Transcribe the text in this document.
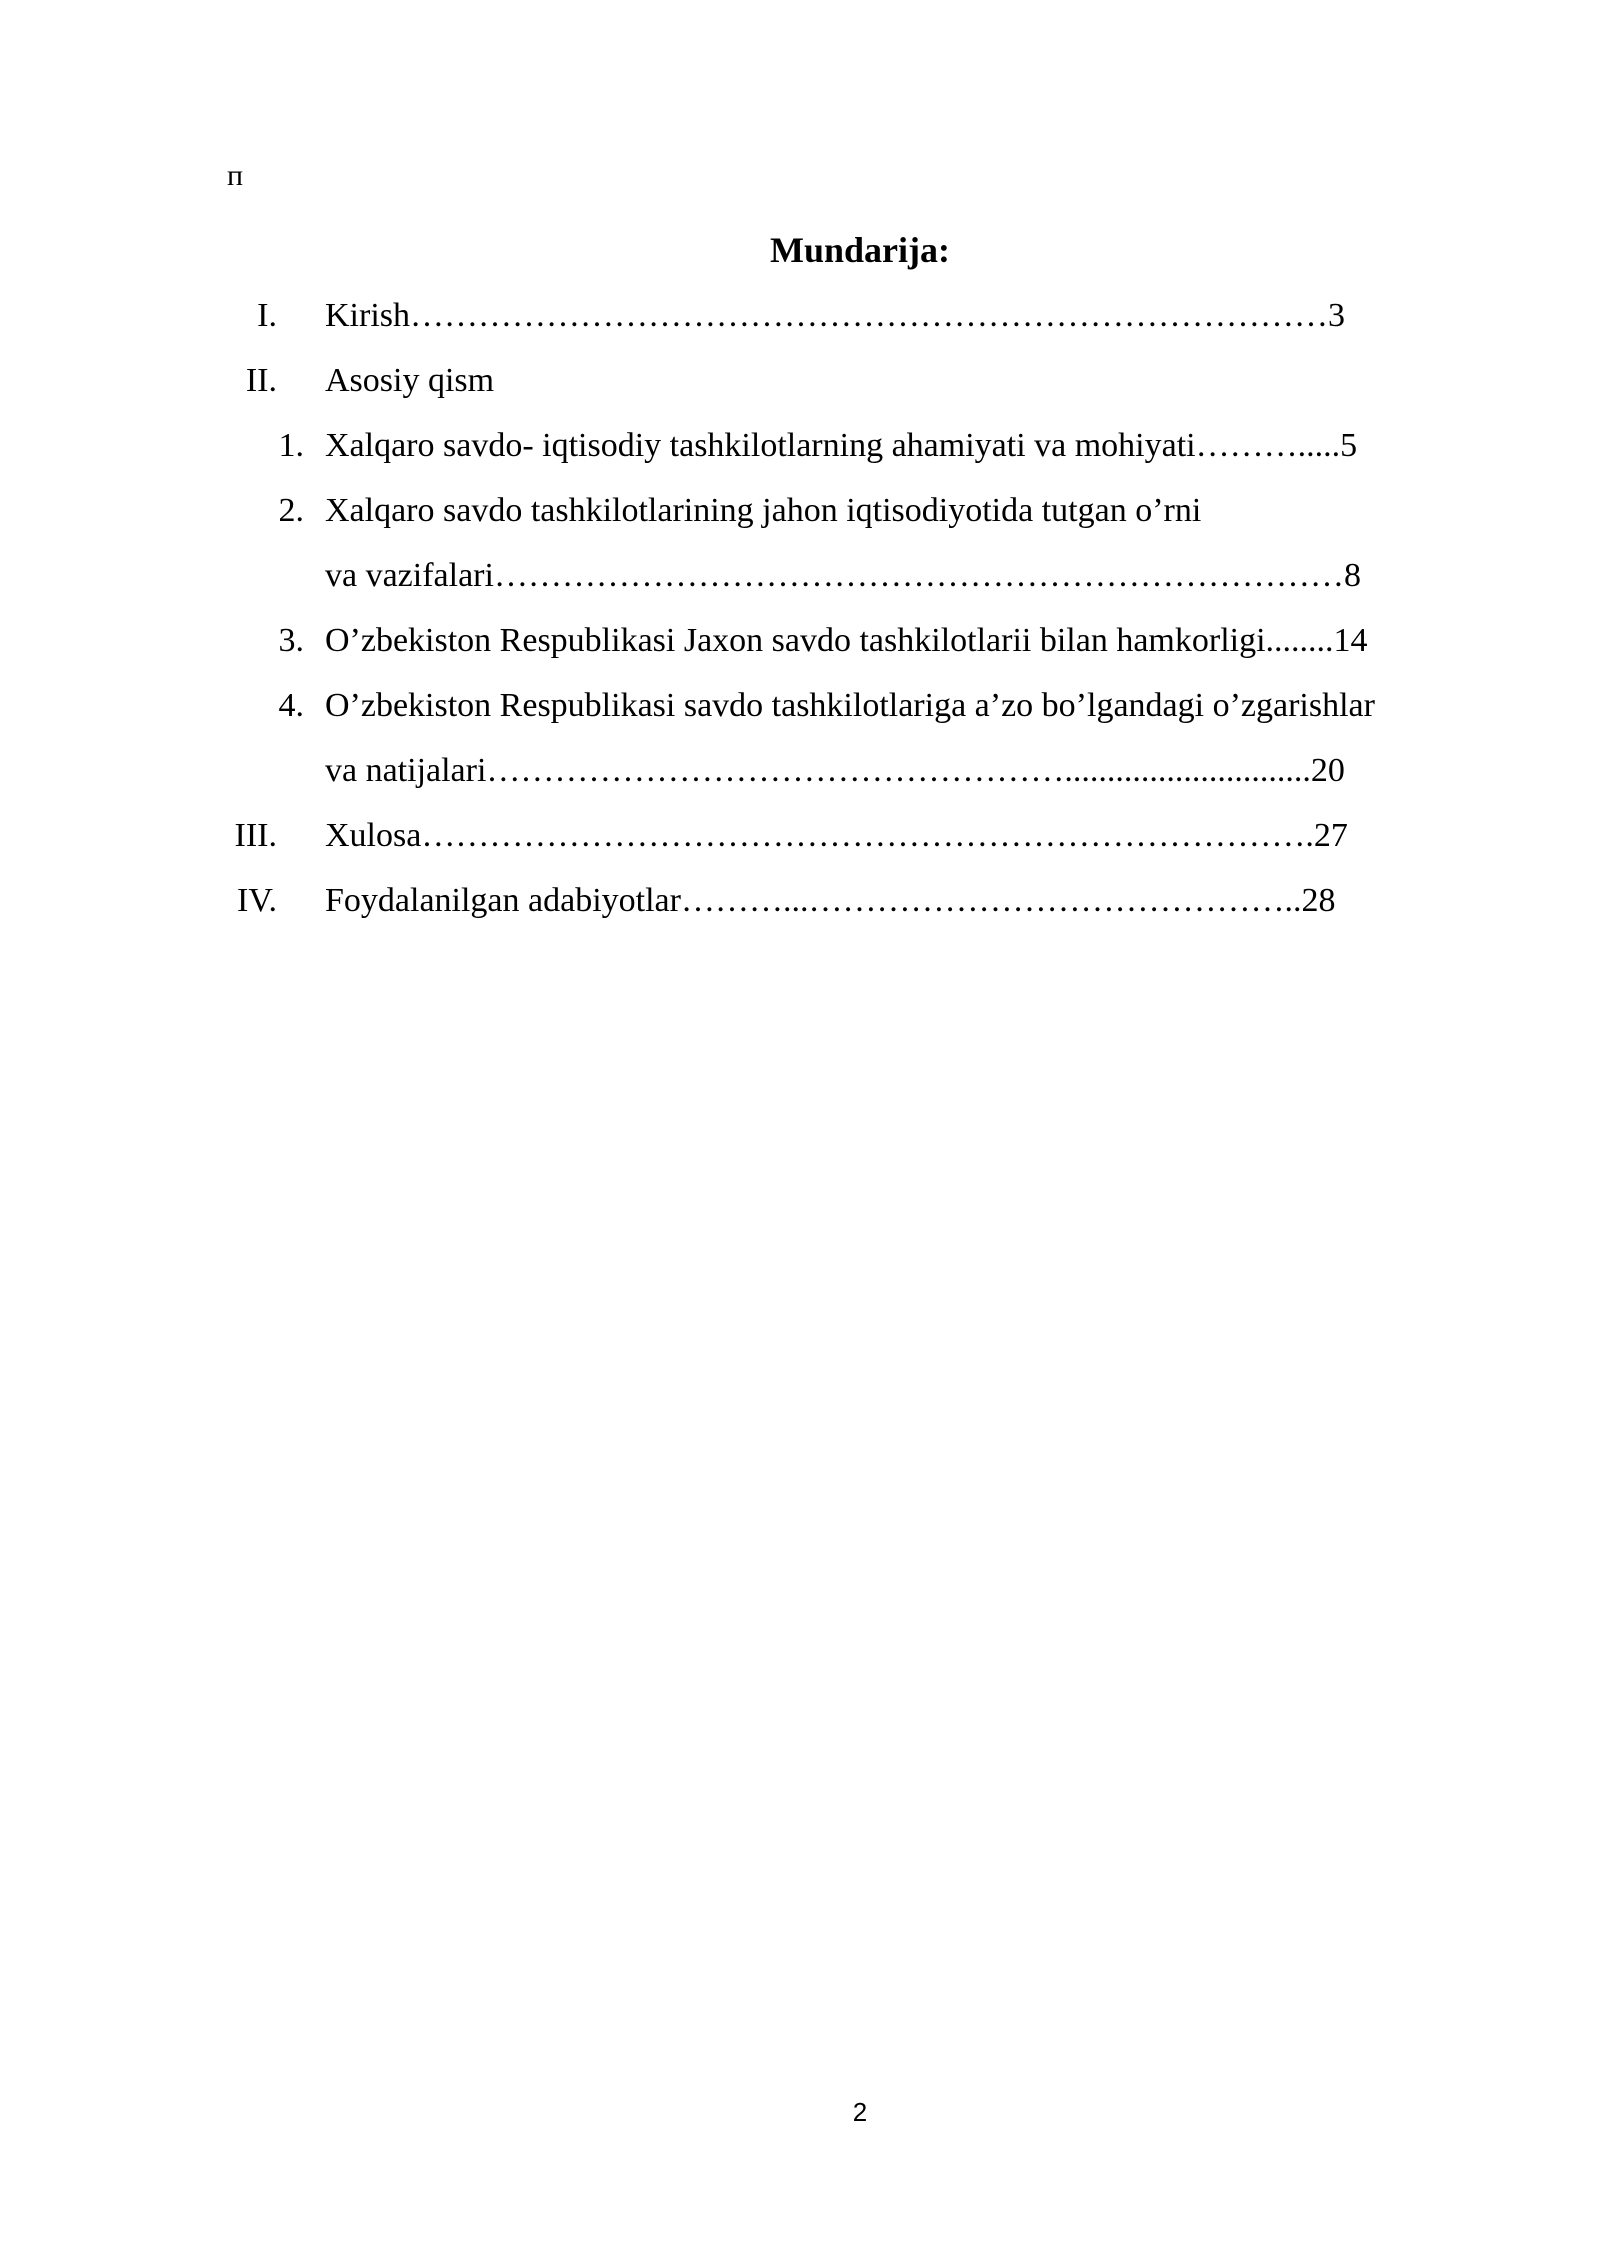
п
Mundarija:
I. Kirish………………………………………………………………………3
II. Asosiy qism
1. Xalqaro savdo- iqtisodiy tashkilotlarning ahamiyati va mohiyati……….....5
2. Xalqaro savdo tashkilotlarining jahon iqtisodiyotida tutgan o’rni
va vazifalari…………………………………………………………………8
3. O’zbekiston Respublikasi Jaxon savdo tashkilotlarii bilan hamkorligi........14
4. O’zbekiston Respublikasi savdo tashkilotlariga a’zo bo’lgandagi o’zgarishlar
va natijalari…………………………………………….............................20
III. Xulosa…………………………………………………………………….27
IV. Foydalanilgan adabiyotlar………...……………………………………..28
2
